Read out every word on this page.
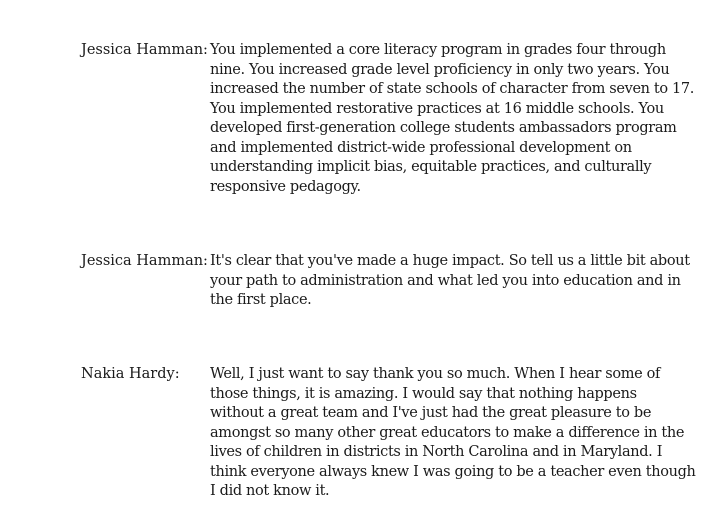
Jessica Hamman: You implemented a core literacy program in grades four through
nine. You increased grade level proficiency in only two years. You
increased the number of state schools of character from seven to 17.
You implemented restorative practices at 16 middle schools. You
developed first-generation college students ambassadors program
and implemented district-wide professional development on
understanding implicit bias, equitable practices, and culturally
responsive pedagogy.
Jessica Hamman: It's clear that you've made a huge impact. So tell us a little bit about
your path to administration and what led you into education and in
the first place.
Nakia Hardy:	Well, I just want to say thank you so much. When I hear some of
those things, it is amazing. I would say that nothing happens
without a great team and I've just had the great pleasure to be
amongst so many other great educators to make a difference in the
lives of children in districts in North Carolina and in Maryland. I
think everyone always knew I was going to be a teacher even though
I did not know it.
